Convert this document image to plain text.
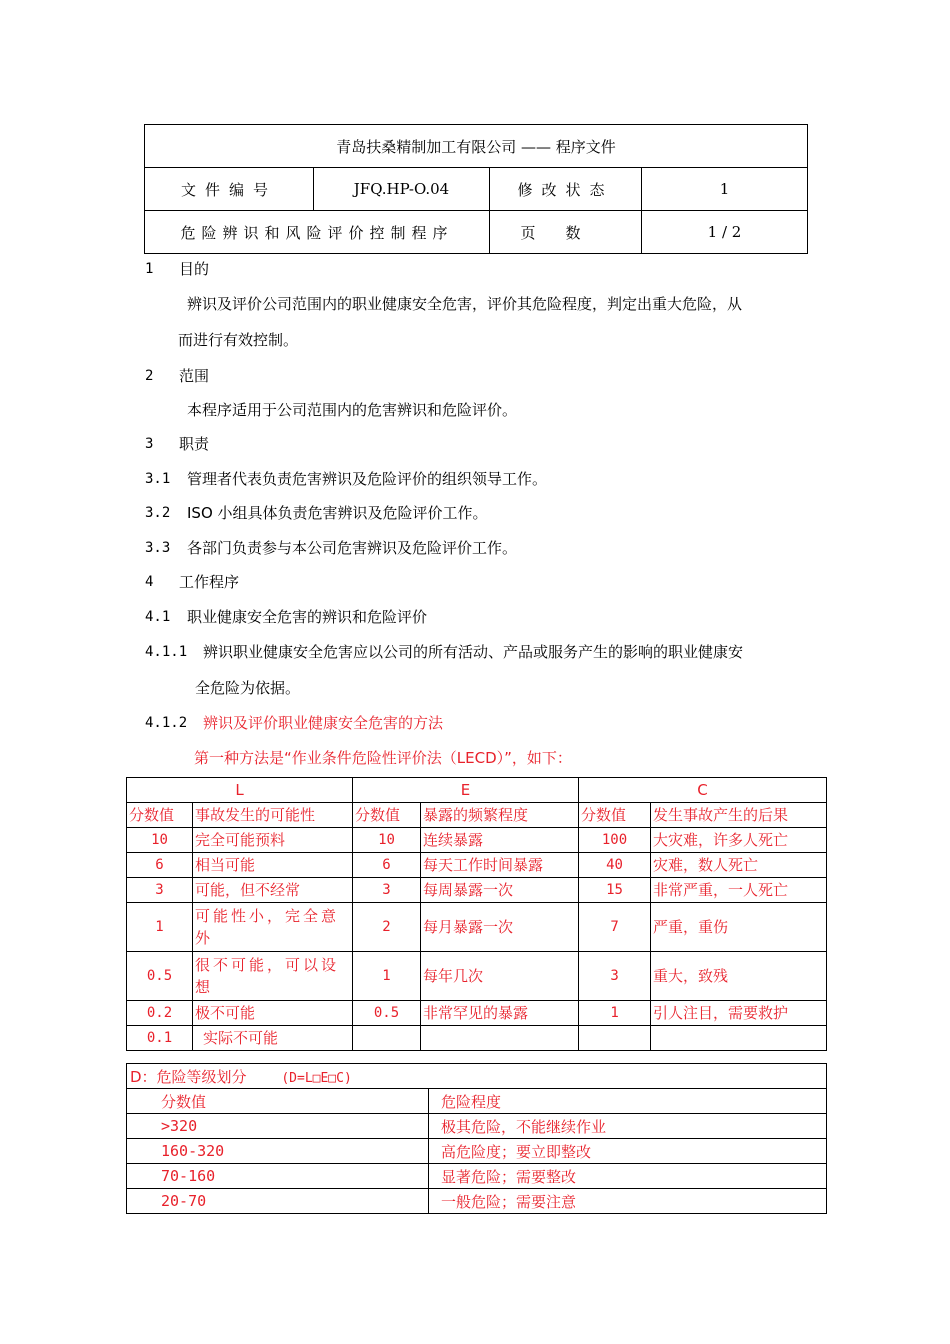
青岛扶桑精制加工有限公司 —— 程序文件			
文件编号	JFQ.HP-O.04	修改状态	1
危险辨识和风险评价控制程序		页数	1 / 2
1 目的
辨识及评价公司范围内的职业健康安全危害，评价其危险程度，判定出重大危险，从
而进行有效控制。
2 范围
本程序适用于公司范围内的危害辨识和危险评价。
3 职责
3.1 管理者代表负责危害辨识及危险评价的组织领导工作。
3.2 ISO 小组具体负责危害辨识及危险评价工作。
3.3 各部门负责参与本公司危害辨识及危险评价工作。
4 工作程序
4.1 职业健康安全危害的辨识和危险评价
4.1.1 辨识职业健康安全危害应以公司的所有活动、产品或服务产生的影响的职业健康安
全危险为依据。
4.1.2 辨识及评价职业健康安全危害的方法
第一种方法是“作业条件危险性评价法（LECD）”，如下：
L		E		C	
分数值	事故发生的可能性	分数值	暴露的频繁程度	分数值	发生事故产生的后果
10	完全可能预料	10	连续暴露	100	大灾难，许多人死亡
6	相当可能	6	每天工作时间暴露	40	灾难，数人死亡
3	可能，但不经常	3	每周暴露一次	15	非常严重，一人死亡
1	可能性小，完全意外	2	每月暴露一次	7	严重，重伤
0.5	很不可能，可以设想	1	每年几次	3	重大，致残
0.2	极不可能	0.5	非常罕见的暴露	1	引人注目，需要救护
0.1	实际不可能				
D：危险等级划分 (D=L□E□C)	
分数值	危险程度
>320	极其危险，不能继续作业
160-320	高危险度；要立即整改
70-160	显著危险；需要整改
20-70	一般危险；需要注意
